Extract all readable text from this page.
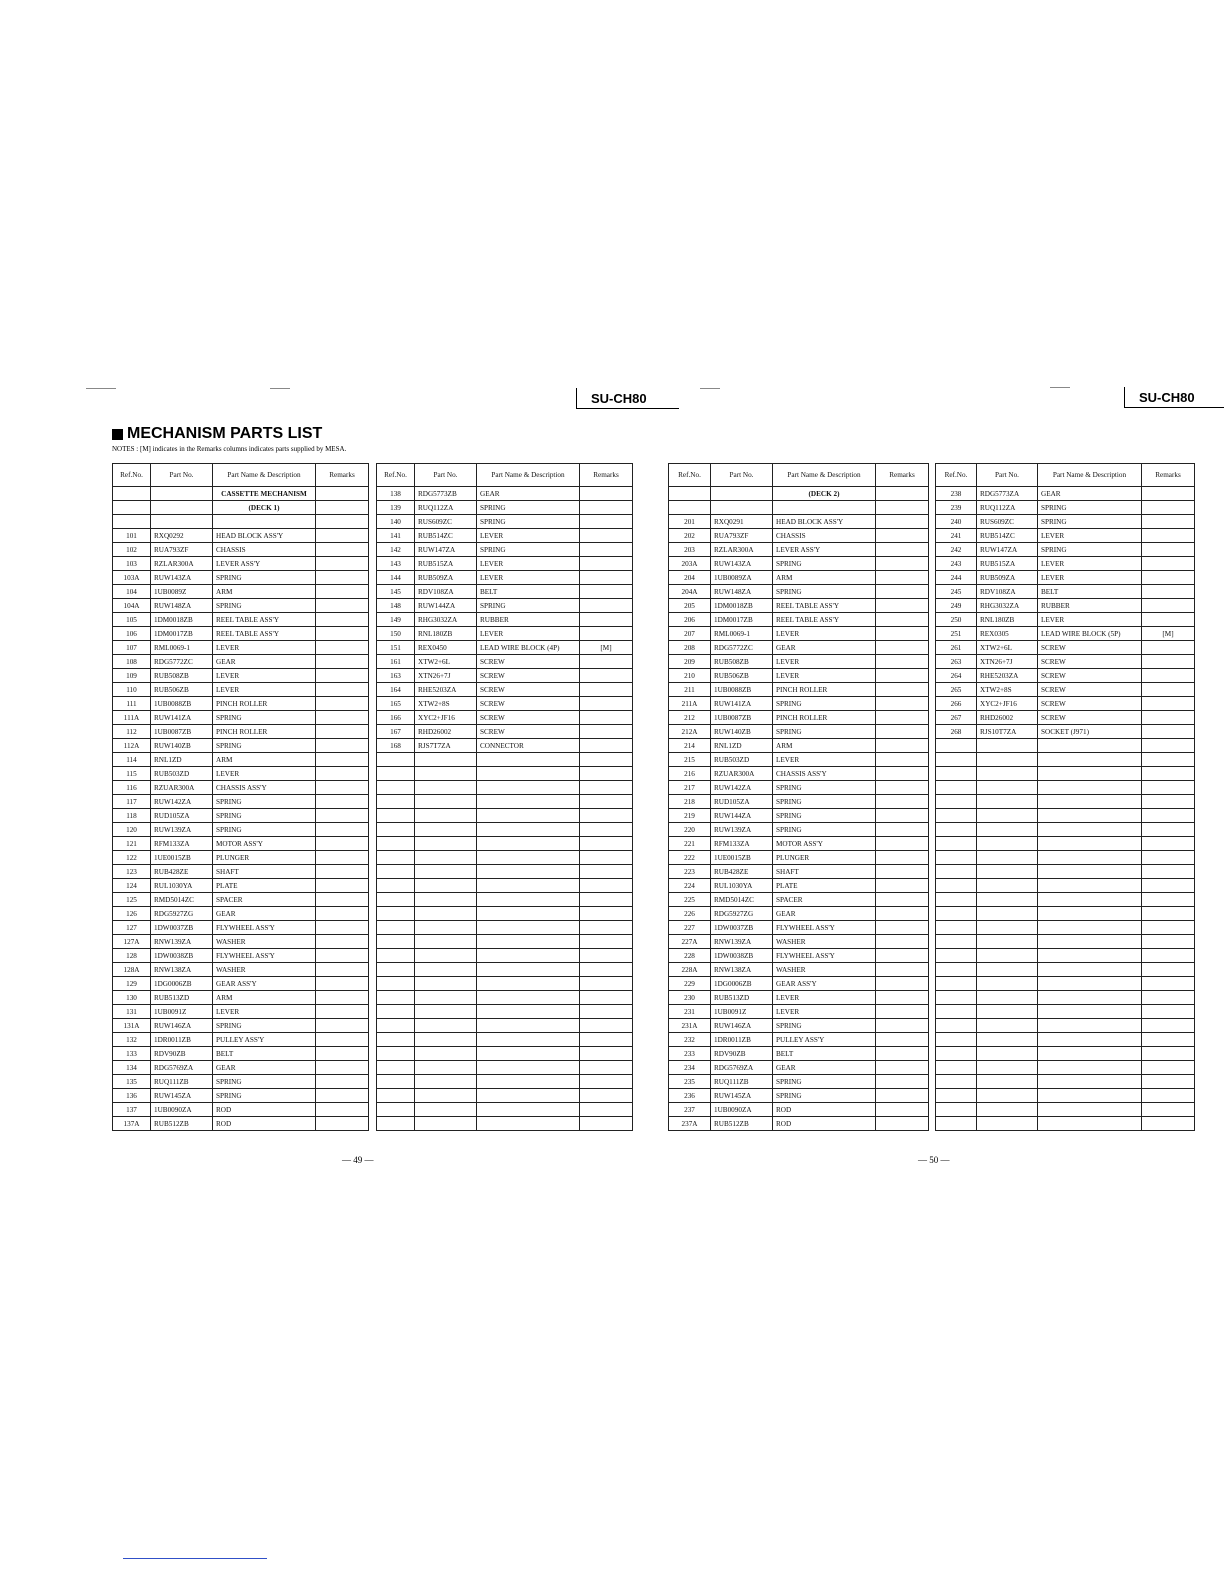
SU-CH80	SU-CH80
MECHANISM PARTS LIST
NOTES : [M] indicates in the Remarks columns indicates parts supplied by MESA.
Ref.No.	Part No.	Part Name & Description	Remarks
		CASSETTE MECHANISM	
		(DECK 1)	

101	RXQ0292	HEAD BLOCK ASS'Y	
102	RUA793ZF	CHASSIS	
103	RZLAR300A	LEVER ASS'Y	
103A	RUW143ZA	SPRING	
104	1UB0089Z	ARM	
104A	RUW148ZA	SPRING	
105	1DM0018ZB	REEL TABLE ASS'Y	
106	1DM0017ZB	REEL TABLE ASS'Y	
107	RML0069-1	LEVER	
108	RDG5772ZC	GEAR	
109	RUB508ZB	LEVER	
110	RUB506ZB	LEVER	
111	1UB0088ZB	PINCH ROLLER	
111A	RUW141ZA	SPRING	
112	1UB0087ZB	PINCH ROLLER	
112A	RUW140ZB	SPRING	
114	RNL1ZD	ARM	
115	RUB503ZD	LEVER	
116	RZUAR300A	CHASSIS ASS'Y	
117	RUW142ZA	SPRING	
118	RUD105ZA	SPRING	
120	RUW139ZA	SPRING	
121	RFM133ZA	MOTOR ASS'Y	
122	1UE0015ZB	PLUNGER	
123	RUB428ZE	SHAFT	
124	RUL1030YA	PLATE	
125	RMD5014ZC	SPACER	
126	RDG5927ZG	GEAR	
127	1DW0037ZB	FLYWHEEL ASS'Y	
127A	RNW139ZA	WASHER	
128	1DW0038ZB	FLYWHEEL ASS'Y	
128A	RNW138ZA	WASHER	
129	1DG0006ZB	GEAR ASS'Y	
130	RUB513ZD	ARM	
131	1UB0091Z	LEVER	
131A	RUW146ZA	SPRING	
132	1DR0011ZB	PULLEY ASS'Y	
133	RDV90ZB	BELT	
134	RDG5769ZA	GEAR	
135	RUQ111ZB	SPRING	
136	RUW145ZA	SPRING	
137	1UB0090ZA	ROD	
137A	RUB512ZB	ROD	
Ref.No.	Part No.	Part Name & Description	Remarks
138	RDG5773ZB	GEAR	
139	RUQ112ZA	SPRING	
140	RUS609ZC	SPRING	
141	RUB514ZC	LEVER	
142	RUW147ZA	SPRING	
143	RUB515ZA	LEVER	
144	RUB509ZA	LEVER	
145	RDV108ZA	BELT	
148	RUW144ZA	SPRING	
149	RHG3032ZA	RUBBER	
150	RNL180ZB	LEVER	
151	REX0450	LEAD WIRE BLOCK (4P)	[M]
161	XTW2+6L	SCREW	
163	XTN26+7J	SCREW	
164	RHE5203ZA	SCREW	
165	XTW2+8S	SCREW	
166	XYC2+JF16	SCREW	
167	RHD26002	SCREW	
168	RJS7T7ZA	CONNECTOR	

Ref.No.	Part No.	Part Name & Description	Remarks
		(DECK 2)	

201	RXQ0291	HEAD BLOCK ASS'Y	
202	RUA793ZF	CHASSIS	
203	RZLAR300A	LEVER ASS'Y	
203A	RUW143ZA	SPRING	
204	1UB0089ZA	ARM	
204A	RUW148ZA	SPRING	
205	1DM0018ZB	REEL TABLE ASS'Y	
206	1DM0017ZB	REEL TABLE ASS'Y	
207	RML0069-1	LEVER	
208	RDG5772ZC	GEAR	
209	RUB508ZB	LEVER	
210	RUB506ZB	LEVER	
211	1UB0088ZB	PINCH ROLLER	
211A	RUW141ZA	SPRING	
212	1UB0087ZB	PINCH ROLLER	
212A	RUW140ZB	SPRING	
214	RNL1ZD	ARM	
215	RUB503ZD	LEVER	
216	RZUAR300A	CHASSIS ASS'Y	
217	RUW142ZA	SPRING	
218	RUD105ZA	SPRING	
219	RUW144ZA	SPRING	
220	RUW139ZA	SPRING	
221	RFM133ZA	MOTOR ASS'Y	
222	1UE0015ZB	PLUNGER	
223	RUB428ZE	SHAFT	
224	RUL1030YA	PLATE	
225	RMD5014ZC	SPACER	
226	RDG5927ZG	GEAR	
227	1DW0037ZB	FLYWHEEL ASS'Y	
227A	RNW139ZA	WASHER	
228	1DW0038ZB	FLYWHEEL ASS'Y	
228A	RNW138ZA	WASHER	
229	1DG0006ZB	GEAR ASS'Y	
230	RUB513ZD	LEVER	
231	1UB0091Z	LEVER	
231A	RUW146ZA	SPRING	
232	1DR0011ZB	PULLEY ASS'Y	
233	RDV90ZB	BELT	
234	RDG5769ZA	GEAR	
235	RUQ111ZB	SPRING	
236	RUW145ZA	SPRING	
237	1UB0090ZA	ROD	
237A	RUB512ZB	ROD	
Ref.No.	Part No.	Part Name & Description	Remarks
238	RDG5773ZA	GEAR	
239	RUQ112ZA	SPRING	
240	RUS609ZC	SPRING	
241	RUB514ZC	LEVER	
242	RUW147ZA	SPRING	
243	RUB515ZA	LEVER	
244	RUB509ZA	LEVER	
245	RDV108ZA	BELT	
249	RHG3032ZA	RUBBER	
250	RNL180ZB	LEVER	
251	REX0305	LEAD WIRE BLOCK (5P)	[M]
261	XTW2+6L	SCREW	
263	XTN26+7J	SCREW	
264	RHE5203ZA	SCREW	
265	XTW2+8S	SCREW	
266	XYC2+JF16	SCREW	
267	RHD26002	SCREW	
268	RJS10T7ZA	SOCKET (J971)	

— 49 —	— 50 —
